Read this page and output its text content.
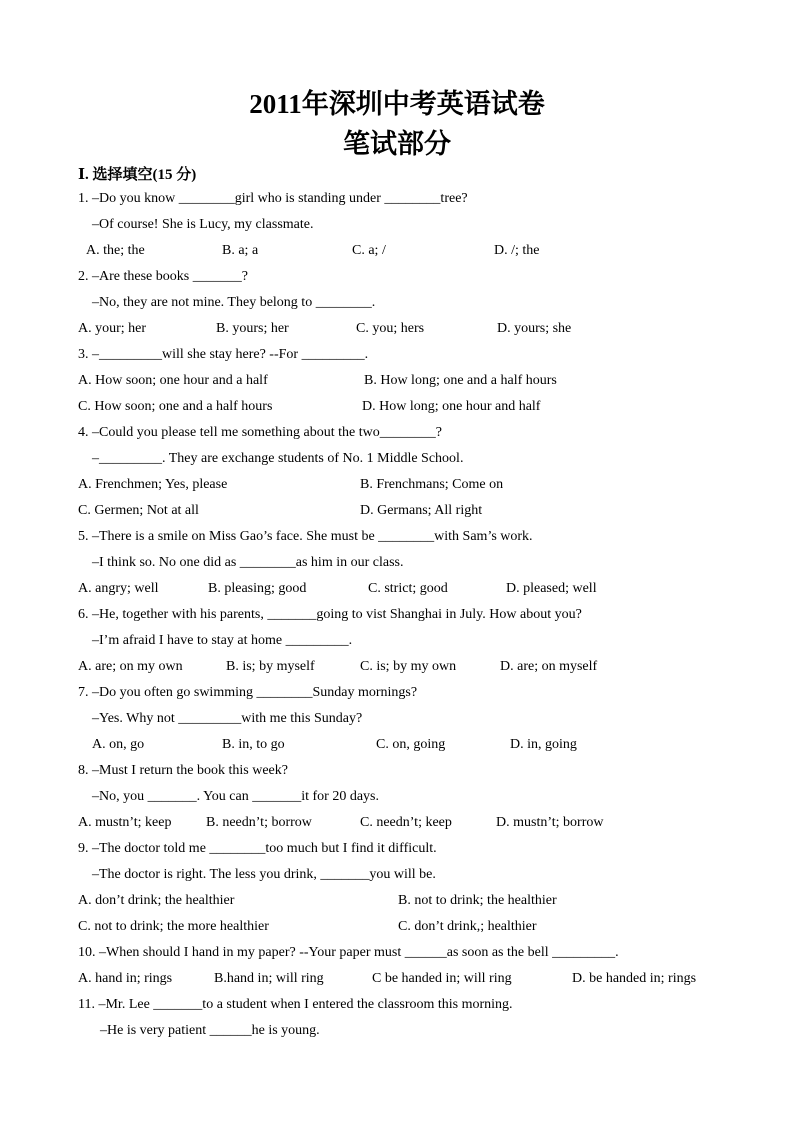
2011年深圳中考英语试卷
笔试部分
Ⅰ. 选择填空(15 分)
1. –Do you know ________girl who is standing under ________tree?
–Of course! She is Lucy, my classmate.
A. the; the	B. a; a	C. a; /	D. /; the
2. –Are these books _______?
–No, they are not mine. They belong to ________.
A. your; her	B. yours; her	C. you; hers	D. yours; she
3. –_________will she stay here? --For _________.
A. How soon; one hour and a half	B. How long; one and a half hours
C. How soon; one and a half hours	D. How long; one hour and half
4. –Could you please tell me something about the two________?
–_________. They are exchange students of No. 1 Middle School.
A. Frenchmen; Yes, please	B. Frenchmans; Come on
C. Germen; Not at all	D. Germans; All right
5. –There is a smile on Miss Gao’s face. She must be ________with Sam’s work.
–I think so. No one did as ________as him in our class.
A. angry; well	B. pleasing; good	C. strict; good	D. pleased; well
6. –He, together with his parents, _______going to vist Shanghai in July. How about you?
–I’m afraid I have to stay at home _________.
A. are; on my own	B. is; by myself	C. is; by my own	D. are; on myself
7. –Do you often go swimming ________Sunday mornings?
–Yes. Why not _________with me this Sunday?
A. on, go	B. in, to go	C. on, going	D. in, going
8. –Must I return the book this week?
–No, you _______. You can _______it for 20 days.
A. mustn’t; keep B. needn’t; borrow	C. needn’t; keep	D. mustn’t; borrow
9. –The doctor told me ________too much but I find it difficult.
–The doctor is right. The less you drink, _______you will be.
A. don’t drink; the healthier	B. not to drink; the healthier
C. not to drink; the more healthier	C. don’t drink,; healthier
10. –When should I hand in my paper? --Your paper must ______as soon as the bell _________.
A. hand in; rings	B.hand in; will ring	C be handed in; will ring	D. be handed in; rings
11. –Mr. Lee _______to a student when I entered the classroom this morning.
–He is very patient ______he is young.
